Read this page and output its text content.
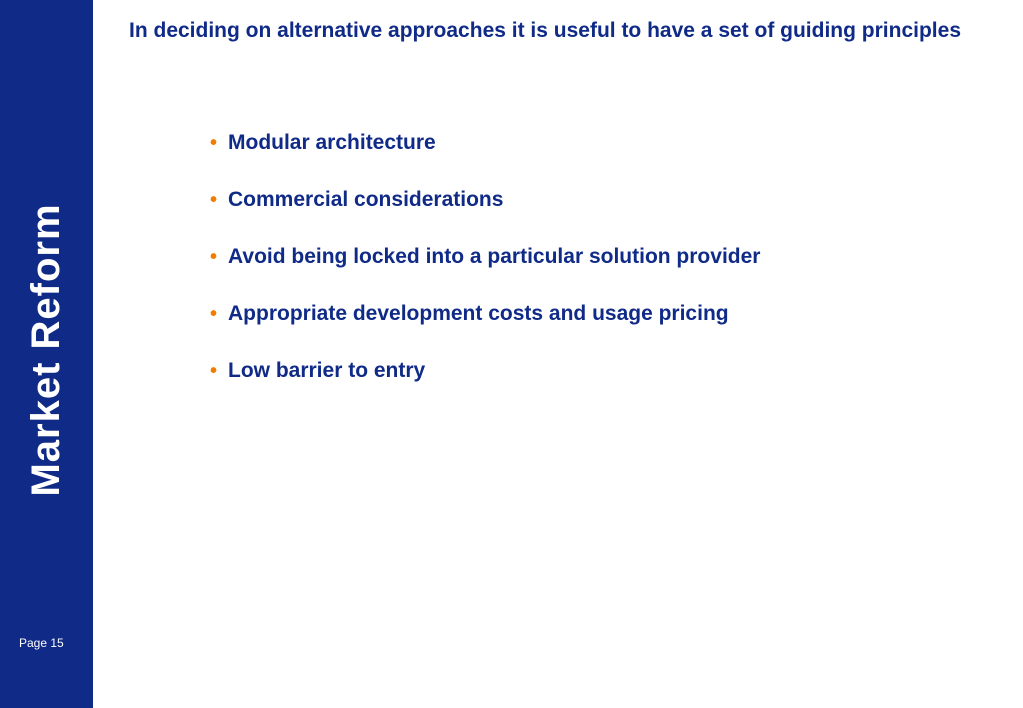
Market Reform
Page 15
In deciding on alternative approaches it is useful to have a set of guiding principles
• Modular architecture
• Commercial considerations
• Avoid being locked into a particular solution provider
• Appropriate development costs and usage pricing
• Low barrier to entry
